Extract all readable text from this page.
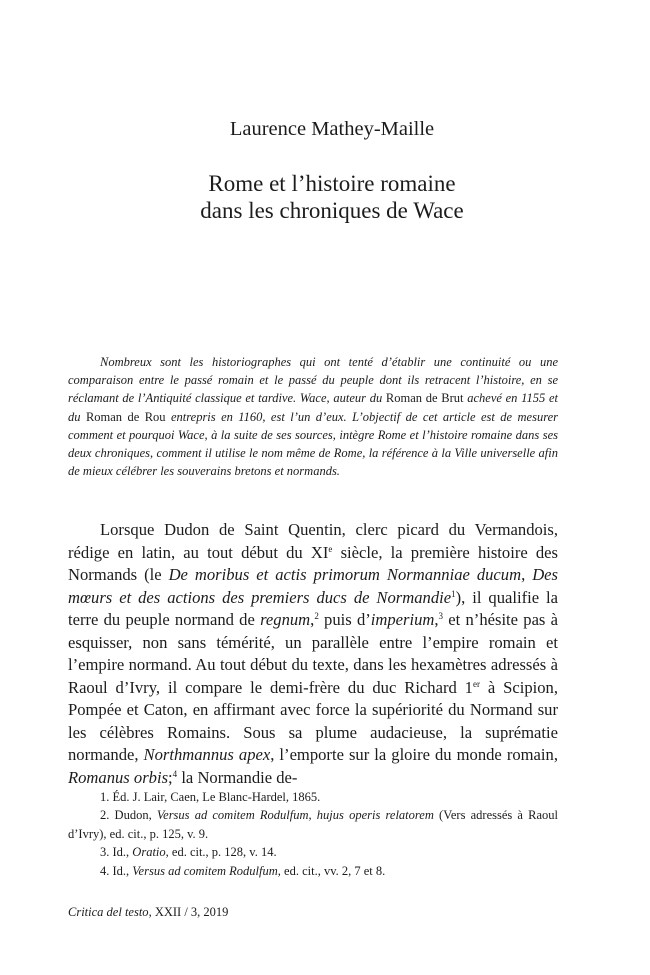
Laurence Mathey-Maille
Rome et l’histoire romaine
dans les chroniques de Wace

Nombreux sont les historiographes qui ont tenté d’établir une continuité ou une comparaison entre le passé romain et le passé du peuple dont ils retracent l’histoire, en se réclamant de l’Antiquité classique et tardive. Wace, auteur du Roman de Brut achevé en 1155 et du Roman de Rou entrepris en 1160, est l’un d’eux. L’objectif de cet article est de mesurer comment et pourquoi Wace, à la suite de ses sources, intègre Rome et l’histoire romaine dans ses deux chroniques, comment il utilise le nom même de Rome, la référence à la Ville universelle afin de mieux célébrer les souverains bretons et normands.

Lorsque Dudon de Saint Quentin, clerc picard du Vermandois, rédige en latin, au tout début du XIe siècle, la première histoire des Normands (le De moribus et actis primorum Normanniae ducum, Des mœurs et des actions des premiers ducs de Normandie$^1$), il qualifie la terre du peuple normand de regnum,$^2$ puis d’imperium,$^3$ et n’hésite pas à esquisser, non sans témérité, un parallèle entre l’empire romain et l’empire normand. Au tout début du texte, dans les hexamètres adressés à Raoul d’Ivry, il compare le demi-frère du duc Richard 1er à Scipion, Pompée et Caton, en affirmant avec force la supériorité du Normand sur les célèbres Romains. Sous sa plume audacieuse, la suprématie normande, Northmannus apex, l’emporte sur la gloire du monde romain, Romanus orbis;$^4$ la Normandie de-

1. Éd. J. Lair, Caen, Le Blanc-Hardel, 1865.

2. Dudon, Versus ad comitem Rodulfum, hujus operis relatorem (Vers adressés à Raoul d’Ivry), ed. cit., p. 125, v. 9.

3. Id., Oratio, ed. cit., p. 128, v. 14.

4. Id., Versus ad comitem Rodulfum, ed. cit., vv. 2, 7 et 8.

Critica del testo, XXII / 3, 2019
